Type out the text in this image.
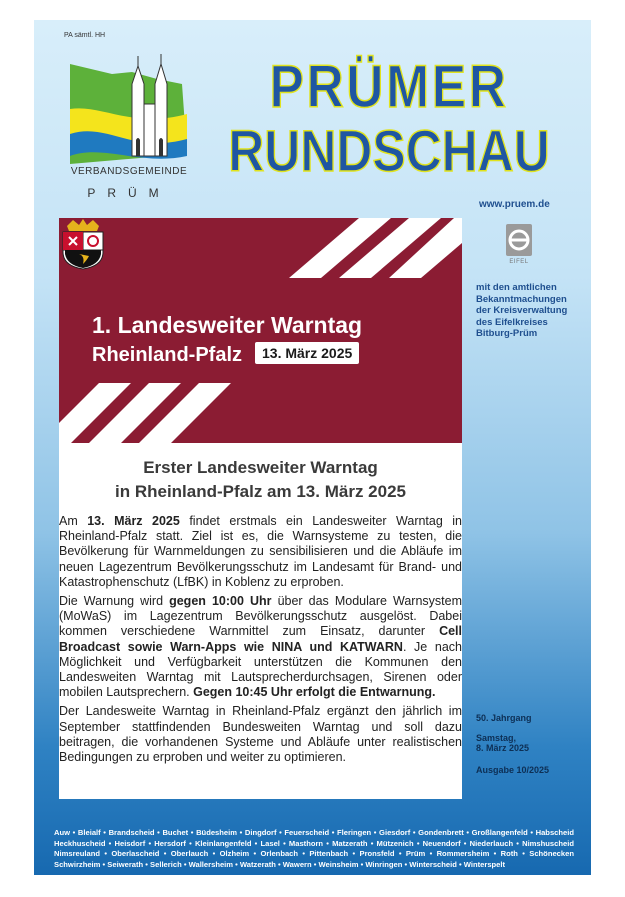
PA sämtl. HH
VERBANDSGEMEINDE
PRÜM
PRÜMER
RUNDSCHAU
www.pruem.de
EIFEL
mit den amtlichen
Bekanntmachungen
der Kreisverwaltung
des Eifelkreises
Bitburg-Prüm
50. Jahrgang
Samstag,
8. März 2025
Ausgabe 10/2025
1. Landesweiter Warntag
Rheinland-Pfalz	13. März 2025
Erster Landesweiter Warntag
in Rheinland-Pfalz am 13. März 2025

Am 13. März 2025 findet erstmals ein Landesweiter Warntag in Rheinland-Pfalz statt. Ziel ist es, die Warnsysteme zu testen, die Bevölkerung für Warnmeldungen zu sensibilisieren und die Abläufe im neuen Lagezentrum Bevölkerungsschutz im Landesamt für Brand- und Katastrophenschutz (LfBK) in Koblenz zu erproben.

Die Warnung wird gegen 10:00 Uhr über das Modulare Warnsystem (MoWaS) im Lagezentrum Bevölkerungsschutz ausgelöst. Dabei kommen verschiedene Warnmittel zum Einsatz, darunter Cell Broadcast sowie Warn-Apps wie NINA und KATWARN. Je nach Möglichkeit und Verfügbarkeit unterstützen die Kommunen den Landesweiten Warntag mit Lautsprecherdurchsagen, Sirenen oder mobilen Lautsprechern. Gegen 10:45 Uhr erfolgt die Entwarnung.

Der Landesweite Warntag in Rheinland-Pfalz ergänzt den jährlich im September stattfindenden Bundesweiten Warntag und soll dazu beitragen, die vorhandenen Systeme und Abläufe unter realistischen Bedingungen zu erproben und weiter zu optimieren.

Auw • Bleialf • Brandscheid • Buchet • Büdesheim • Dingdorf • Feuerscheid • Fleringen • Giesdorf • Gondenbrett • Großlangenfeld • Habscheid Heckhuscheid • Heisdorf • Hersdorf • Kleinlangenfeld • Lasel • Masthorn • Matzerath • Mützenich • Neuendorf • Niederlauch • Nimshuscheid Nimsreuland • Oberlascheid • Oberlauch • Olzheim • Orlenbach • Pittenbach • Pronsfeld • Prüm • Rommersheim • Roth • Schönecken Schwirzheim • Seiwerath • Sellerich • Wallersheim • Watzerath • Wawern • Weinsheim • Winringen • Winterscheid • Winterspelt
